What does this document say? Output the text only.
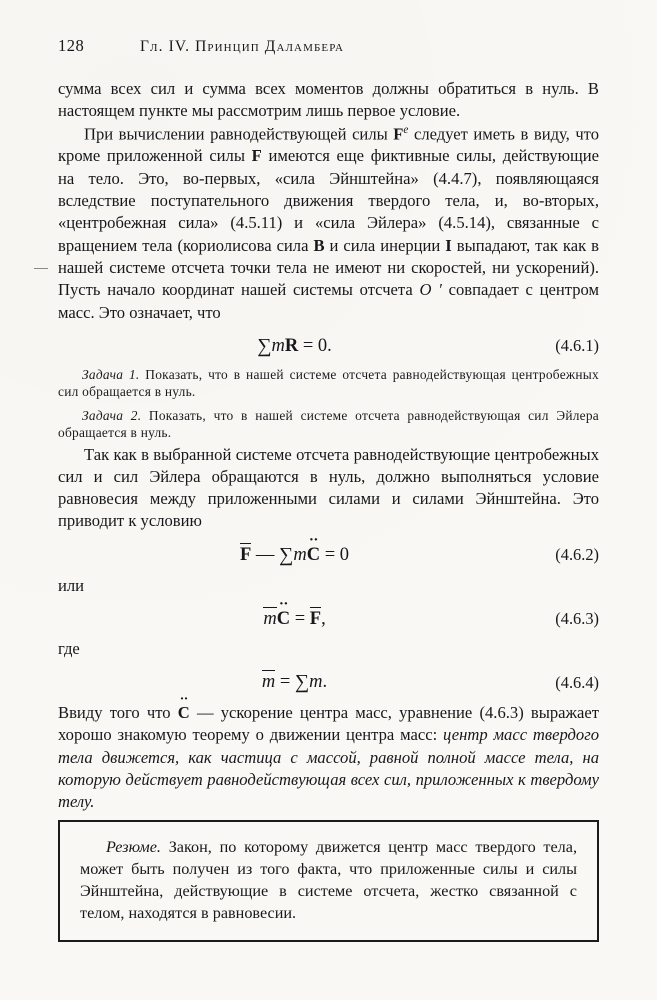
128	Гл. IV. Принцип Даламбера

сумма всех сил и сумма всех моментов должны обратиться в нуль. В настоящем пункте мы рассмотрим лишь первое условие.

При вычислении равнодействующей силы $F^e$ следует иметь в виду, что кроме приложенной силы F имеются еще фиктивные силы, действующие на тело. Это, во-первых, «сила Эйнштейна» (4.4.7), появляющаяся вследствие поступательного движения твердого тела, и, во-вторых, «центробежная сила» (4.5.11) и «сила Эйлера» (4.5.14), связанные с вращением тела (кориолисова сила B и сила инерции I выпадают, так как в нашей системе отсчета точки тела не имеют ни скоростей, ни ускорений). Пусть начало координат нашей системы отсчета O ′ совпадает с центром масс. Это означает, что

∑mR = 0.	(4.6.1)

Задача 1. Показать, что в нашей системе отсчета равнодействующая центробежных сил обращается в нуль.

Задача 2. Показать, что в нашей системе отсчета равнодействующая сил Эйлера обращается в нуль.

Так как в выбранной системе отсчета равнодействующие центробежных сил и сил Эйлера обращаются в нуль, должно выполняться условие равновесия между приложенными силами и силами Эйнштейна. Это приводит к условию

F — ∑mC ·· = 0	(4.6.2)
или
mC ·· = F,	(4.6.3)
где
m = ∑m.	(4.6.4)

Ввиду того что C ·· — ускорение центра масс, уравнение (4.6.3) выражает хорошо знакомую теорему о движении центра масс: центр масс твердого тела движется, как частица с массой, равной полной массе тела, на которую действует равнодействующая всех сил, приложенных к твердому телу.

Резюме. Закон, по которому движется центр масс твердого тела, может быть получен из того факта, что приложенные силы и силы Эйнштейна, действующие в системе отсчета, жестко связанной с телом, находятся в равновесии.
